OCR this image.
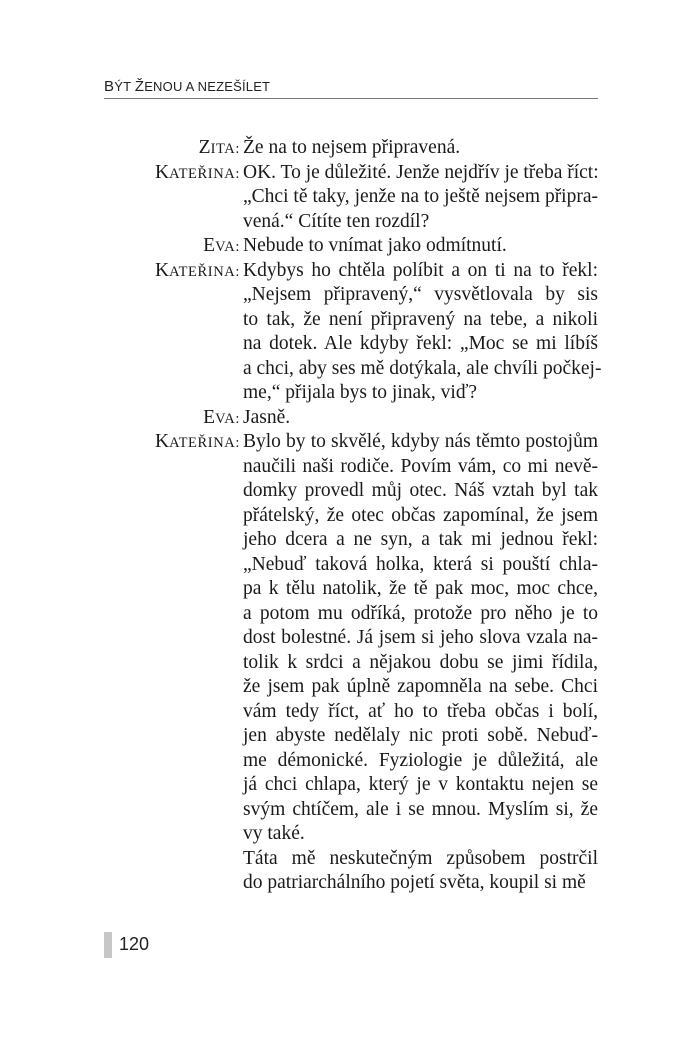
BÝT ŽENOU A NEZEŠÍLET
ZITA: Že na to nejsem připravená.
KATEŘINA: OK. To je důležité. Jenže nejdřív je třeba říct:
„Chci tě taky, jenže na to ještě nejsem připra-
vená.“ Cítíte ten rozdíl?
EVA: Nebude to vnímat jako odmítnutí.
KATEŘINA: Kdybys ho chtěla políbit a on ti na to řekl:
„Nejsem připravený,“ vysvětlovala by sis
to tak, že není připravený na tebe, a nikoli
na dotek. Ale kdyby řekl: „Moc se mi líbíš
a chci, aby ses mě dotýkala, ale chvíli počkej-
me,“ přijala bys to jinak, viď?
EVA: Jasně.
KATEŘINA: Bylo by to skvělé, kdyby nás těmto postojům
naučili naši rodiče. Povím vám, co mi nevě-
domky provedl můj otec. Náš vztah byl tak
přátelský, že otec občas zapomínal, že jsem
jeho dcera a ne syn, a tak mi jednou řekl:
„Nebuď taková holka, která si pouští chla-
pa k tělu natolik, že tě pak moc, moc chce,
a potom mu odříká, protože pro něho je to
dost bolestné. Já jsem si jeho slova vzala na-
tolik k srdci a nějakou dobu se jimi řídila,
že jsem pak úplně zapomněla na sebe. Chci
vám tedy říct, ať ho to třeba občas i bolí,
jen abyste nedělaly nic proti sobě. Nebuď-
me démonické. Fyziologie je důležitá, ale
já chci chlapa, který je v kontaktu nejen se
svým chtíčem, ale i se mnou. Myslím si, že
vy také.
Táta mě neskutečným způsobem postrčil
do patriarchálního pojetí světa, koupil si mě
120
